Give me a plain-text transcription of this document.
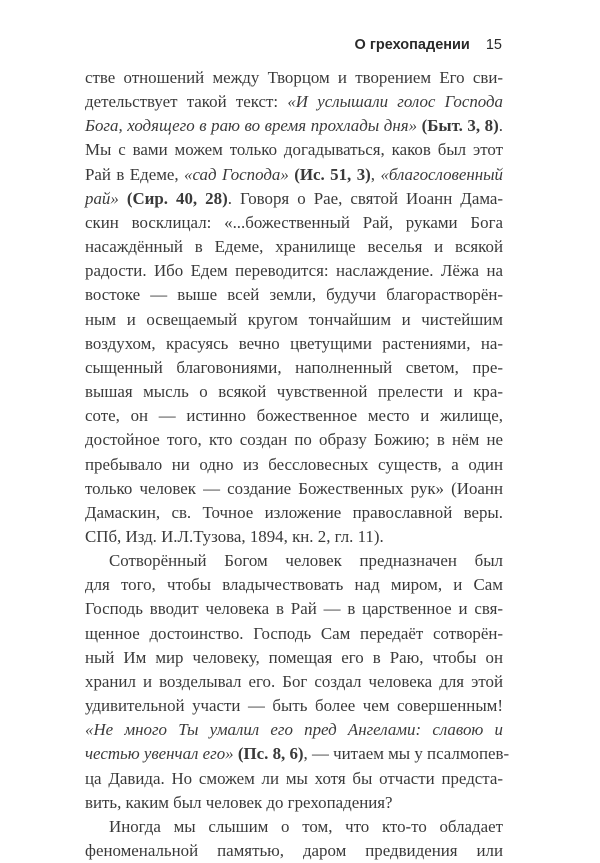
О грехопадении 15
стве отношений между Творцом и творением Его сви-
детельствует такой текст: «И услышали голос Господа
Бога, ходящего в раю во время прохлады дня» (Быт. 3, 8).
Мы с вами можем только догадываться, каков был этот
Рай в Едеме, «сад Господа» (Ис. 51, 3), «благословенный
рай» (Сир. 40, 28). Говоря о Рае, святой Иоанн Дама-
скин восклицал: «...божественный Рай, руками Бога
насаждённый в Едеме, хранилище веселья и всякой
радости. Ибо Едем переводится: наслаждение. Лёжа на
востоке — выше всей земли, будучи благорастворён-
ным и освещаемый кругом тончайшим и чистейшим
воздухом, красуясь вечно цветущими растениями, на-
сыщенный благовониями, наполненный светом, пре-
вышая мысль о всякой чувственной прелести и кра-
соте, он — истинно божественное место и жилище,
достойное того, кто создан по образу Божию; в нём не
пребывало ни одно из бессловесных существ, а один
только человек — создание Божественных рук» (Иоанн
Дамаскин, св. Точное изложение православной веры.
СПб, Изд. И.Л.Тузова, 1894, кн. 2, гл. 11).
Сотворённый Богом человек предназначен был
для того, чтобы владычествовать над миром, и Сам
Господь вводит человека в Рай — в царственное и свя-
щенное достоинство. Господь Сам передаёт сотворён-
ный Им мир человеку, помещая его в Раю, чтобы он
хранил и возделывал его. Бог создал человека для этой
удивительной участи — быть более чем совершенным!
«Не много Ты умалил его пред Ангелами: славою и
честью увенчал его» (Пс. 8, 6), — читаем мы у псалмопев-
ца Давида. Но сможем ли мы хотя бы отчасти предста-
вить, каким был человек до грехопадения?
Иногда мы слышим о том, что кто-то обладает
феноменальной памятью, даром предвидения или
